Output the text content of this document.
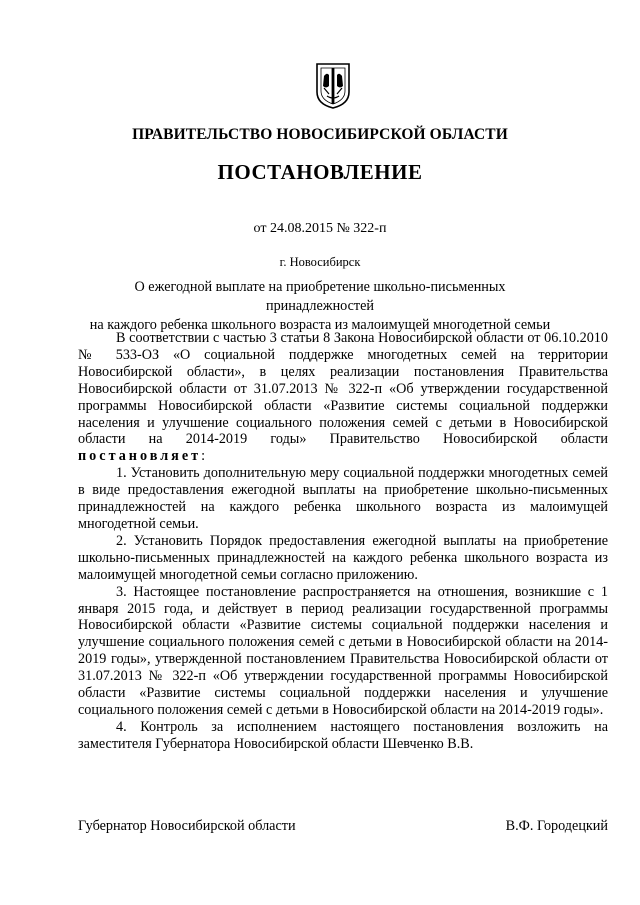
ПРАВИТЕЛЬСТВО НОВОСИБИРСКОЙ ОБЛАСТИ
ПОСТАНОВЛЕНИЕ
от 24.08.2015 № 322-п
г. Новосибирск
О ежегодной выплате на приобретение школьно-письменных принадлежностей
на каждого ребенка школьного возраста из малоимущей многодетной семьи

В соответствии с частью 3 статьи 8 Закона Новосибирской области от 06.10.2010 № 533-ОЗ «О социальной поддержке многодетных семей на территории Новосибирской области», в целях реализации постановления Правительства Новосибирской области от 31.07.2013 № 322-п «Об утверждении государственной программы Новосибирской области «Развитие системы социальной поддержки населения и улучшение социального положения семей с детьми в Новосибирской области на 2014-2019 годы» Правительство Новосибирской области постановляет:

1. Установить дополнительную меру социальной поддержки многодетных семей в виде предоставления ежегодной выплаты на приобретение школьно-письменных принадлежностей на каждого ребенка школьного возраста из малоимущей многодетной семьи.

2. Установить Порядок предоставления ежегодной выплаты на приобретение школьно-письменных принадлежностей на каждого ребенка школьного возраста из малоимущей многодетной семьи согласно приложению.

3. Настоящее постановление распространяется на отношения, возникшие с 1 января 2015 года, и действует в период реализации государственной программы Новосибирской области «Развитие системы социальной поддержки населения и улучшение социального положения семей с детьми в Новосибирской области на 2014-2019 годы», утвержденной постановлением Правительства Новосибирской области от 31.07.2013 № 322-п «Об утверждении государственной программы Новосибирской области «Развитие системы социальной поддержки населения и улучшение социального положения семей с детьми в Новосибирской области на 2014-2019 годы».

4. Контроль за исполнением настоящего постановления возложить на заместителя Губернатора Новосибирской области Шевченко В.В.

Губернатор Новосибирской области	В.Ф. Городецкий
